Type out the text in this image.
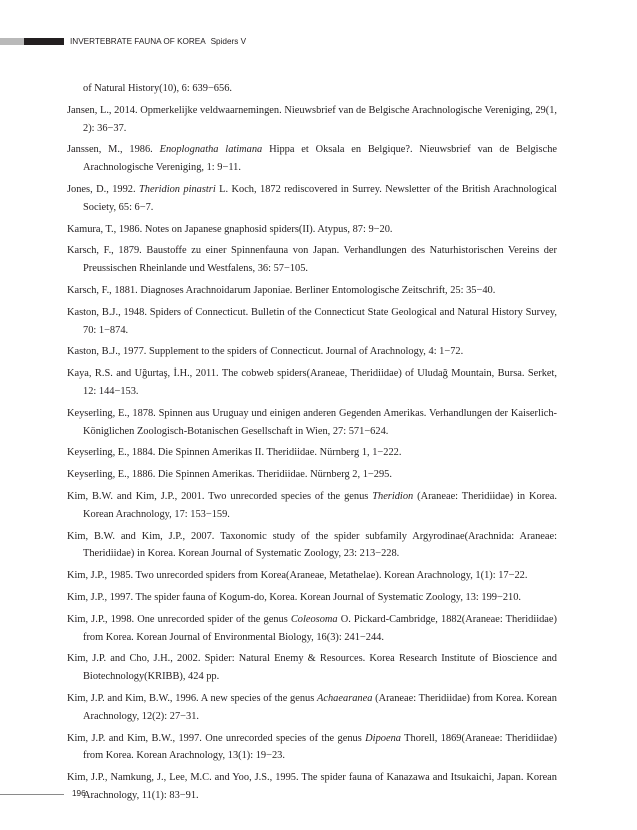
INVERTEBRATE FAUNA OF KOREA Spiders V

of Natural History(10), 6: 639−656.

Jansen, L., 2014. Opmerkelijke veldwaarnemingen. Nieuwsbrief van de Belgische Arachnologische Vereniging, 29(1, 2): 36−37.

Janssen, M., 1986. Enoplognatha latimana Hippa et Oksala en Belgique?. Nieuwsbrief van de Belgische Arachnologische Vereniging, 1: 9−11.

Jones, D., 1992. Theridion pinastri L. Koch, 1872 rediscovered in Surrey. Newsletter of the British Arachnological Society, 65: 6−7.

Kamura, T., 1986. Notes on Japanese gnaphosid spiders(II). Atypus, 87: 9−20.

Karsch, F., 1879. Baustoffe zu einer Spinnenfauna von Japan. Verhandlungen des Naturhistorischen Vereins der Preussischen Rheinlande und Westfalens, 36: 57−105.

Karsch, F., 1881. Diagnoses Arachnoidarum Japoniae. Berliner Entomologische Zeitschrift, 25: 35−40.

Kaston, B.J., 1948. Spiders of Connecticut. Bulletin of the Connecticut State Geological and Natural History Survey, 70: 1−874.

Kaston, B.J., 1977. Supplement to the spiders of Connecticut. Journal of Arachnology, 4: 1−72.

Kaya, R.S. and Uğurtaş, İ.H., 2011. The cobweb spiders(Araneae, Theridiidae) of Uludağ Mountain, Bursa. Serket, 12: 144−153.

Keyserling, E., 1878. Spinnen aus Uruguay und einigen anderen Gegenden Amerikas. Verhandlungen der Kaiserlich-Königlichen Zoologisch-Botanischen Gesellschaft in Wien, 27: 571−624.

Keyserling, E., 1884. Die Spinnen Amerikas II. Theridiidae. Nürnberg 1, 1−222.

Keyserling, E., 1886. Die Spinnen Amerikas. Theridiidae. Nürnberg 2, 1−295.

Kim, B.W. and Kim, J.P., 2001. Two unrecorded species of the genus Theridion (Araneae: Theridiidae) in Korea. Korean Arachnology, 17: 153−159.

Kim, B.W. and Kim, J.P., 2007. Taxonomic study of the spider subfamily Argyrodinae(Arachnida: Araneae: Theridiidae) in Korea. Korean Journal of Systematic Zoology, 23: 213−228.

Kim, J.P., 1985. Two unrecorded spiders from Korea(Araneae, Metathelae). Korean Arachnology, 1(1): 17−22.

Kim, J.P., 1997. The spider fauna of Kogum-do, Korea. Korean Journal of Systematic Zoology, 13: 199−210.

Kim, J.P., 1998. One unrecorded spider of the genus Coleosoma O. Pickard-Cambridge, 1882(Araneae: Theridiidae) from Korea. Korean Journal of Environmental Biology, 16(3): 241−244.

Kim, J.P. and Cho, J.H., 2002. Spider: Natural Enemy & Resources. Korea Research Institute of Bioscience and Biotechnology(KRIBB), 424 pp.

Kim, J.P. and Kim, B.W., 1996. A new species of the genus Achaearanea (Araneae: Theridiidae) from Korea. Korean Arachnology, 12(2): 27−31.

Kim, J.P. and Kim, B.W., 1997. One unrecorded species of the genus Dipoena Thorell, 1869(Araneae: Theridiidae) from Korea. Korean Arachnology, 13(1): 19−23.

Kim, J.P., Namkung, J., Lee, M.C. and Yoo, J.S., 1995. The spider fauna of Kanazawa and Itsukaichi, Japan. Korean Arachnology, 11(1): 83−91.

196
